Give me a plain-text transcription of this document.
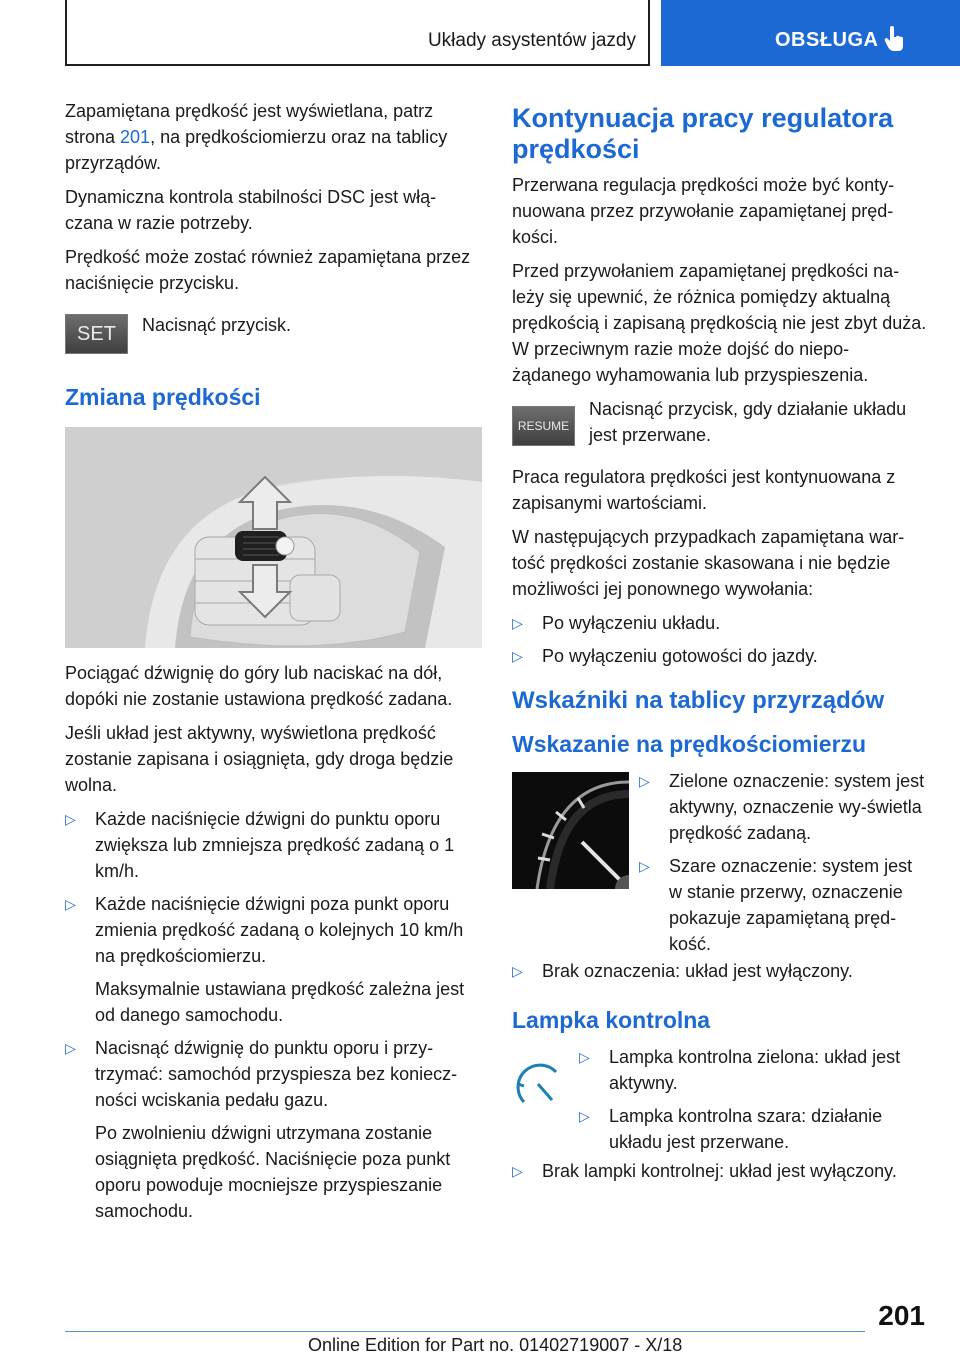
Układy asystentów jazdy	OBSŁUGA

Zapamiętana prędkość jest wyświetlana, patrz strona 201, na prędkościomierzu oraz na tablicy przyrządów.

Dynamiczna kontrola stabilności DSC jest włą‐czana w razie potrzeby.

Prędkość może zostać również zapamiętana przez naciśnięcie przycisku.

SET Nacisnąć przycisk.
Zmiana prędkości

Pociągać dźwignię do góry lub naciskać na dół, dopóki nie zostanie ustawiona prędkość zadana.

Jeśli układ jest aktywny, wyświetlona prędkość zostanie zapisana i osiągnięta, gdy droga będzie wolna.

▷ Każde naciśnięcie dźwigni do punktu oporu zwiększa lub zmniejsza prędkość zadaną o 1 km/h.
▷ Każde naciśnięcie dźwigni poza punkt oporu zmienia prędkość zadaną o kolejnych 10 km/h na prędkościomierzu.

Maksymalnie ustawiana prędkość zależna jest od danego samochodu.

▷ Nacisnąć dźwignię do punktu oporu i przy‐trzymać: samochód przyspiesza bez koniecz‐ności wciskania pedału gazu.

Po zwolnieniu dźwigni utrzymana zostanie osiągnięta prędkość. Naciśnięcie poza punkt oporu powoduje mocniejsze przyspieszanie samochodu.

Kontynuacja pracy regulatora prędkości

Przerwana regulacja prędkości może być konty‐nuowana przez przywołanie zapamiętanej pręd‐kości.

Przed przywołaniem zapamiętanej prędkości na‐leży się upewnić, że różnica pomiędzy aktualną prędkością i zapisaną prędkością nie jest zbyt duża. W przeciwnym razie może dojść do niepo‐żądanego wyhamowania lub przyspieszenia.

RESUME
Nacisnąć przycisk, gdy działanie układu jest przerwane.

Praca regulatora prędkości jest kontynuowana z zapisanymi wartościami.

W następujących przypadkach zapamiętana war‐tość prędkości zostanie skasowana i nie będzie możliwości jej ponownego wywołania:

▷ Po wyłączeniu układu.
▷ Po wyłączeniu gotowości do jazdy.
Wskaźniki na tablicy przyrządów
Wskazanie na prędkościomierzu
▷ Zielone oznaczenie: system jest aktywny, oznaczenie wy‐świetla prędkość zadaną.
▷ Szare oznaczenie: system jest w stanie przerwy, oznaczenie pokazuje zapamiętaną pręd‐kość.
▷ Brak oznaczenia: układ jest wyłączony.
Lampka kontrolna
▷ Lampka kontrolna zielona: układ jest aktywny.
▷ Lampka kontrolna szara: działanie układu jest przerwane.
▷ Brak lampki kontrolnej: układ jest wyłączony.
201
Online Edition for Part no. 01402719007 - X/18
